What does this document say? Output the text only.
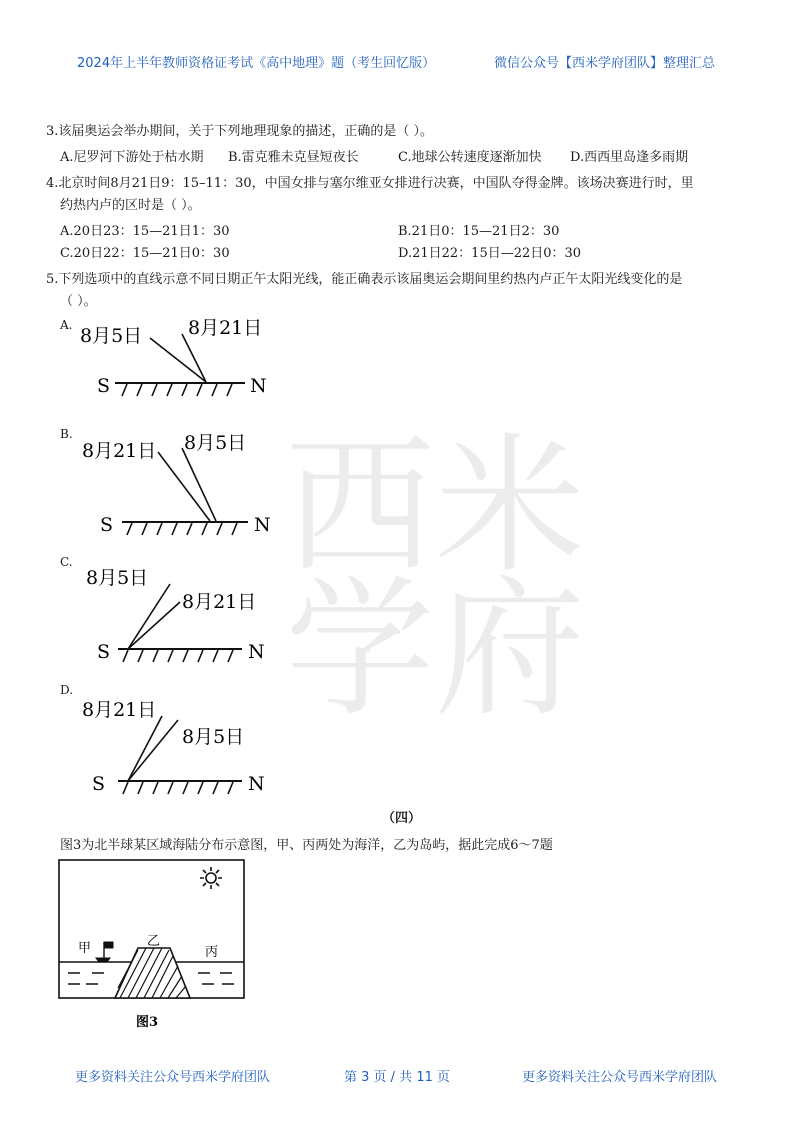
2024年上半年教师资格证考试《高中地理》题（考生回忆版）	微信公众号【西米学府团队】整理汇总
西米
学府
3.该届奥运会举办期间，关于下列地理现象的描述，正确的是（ ）。
A.尼罗河下游处于枯水期 B.雷克雅未克昼短夜长	C.地球公转速度逐渐加快 D.西西里岛逢多雨期
4.北京时间8月21日9：15–11：30，中国女排与塞尔维亚女排进行决赛，中国队夺得金牌。该场决赛进行时，里
约热内卢的区时是（ ）。
A.20日23：15—21日1：30	B.21日0：15—21日2：30
C.20日22：15—21日0：30	D.21日22：15日—22日0：30
5.下列选项中的直线示意不同日期正午太阳光线，能正确表示该届奥运会期间里约热内卢正午太阳光线变化的是
（ ）。
A. 8月5日 8月21日
S	N
B.
8月21日 8月5日
S	N
C.
8月5日
8月21日
S	N
D.
8月21日
8月5日
S	N
（四）
图3为北半球某区域海陆分布示意图，甲、丙两处为海洋，乙为岛屿，据此完成6～7题
甲	乙
丙
图3
更多资料关注公众号西米学府团队	第 3 页 / 共 11 页	更多资料关注公众号西米学府团队
